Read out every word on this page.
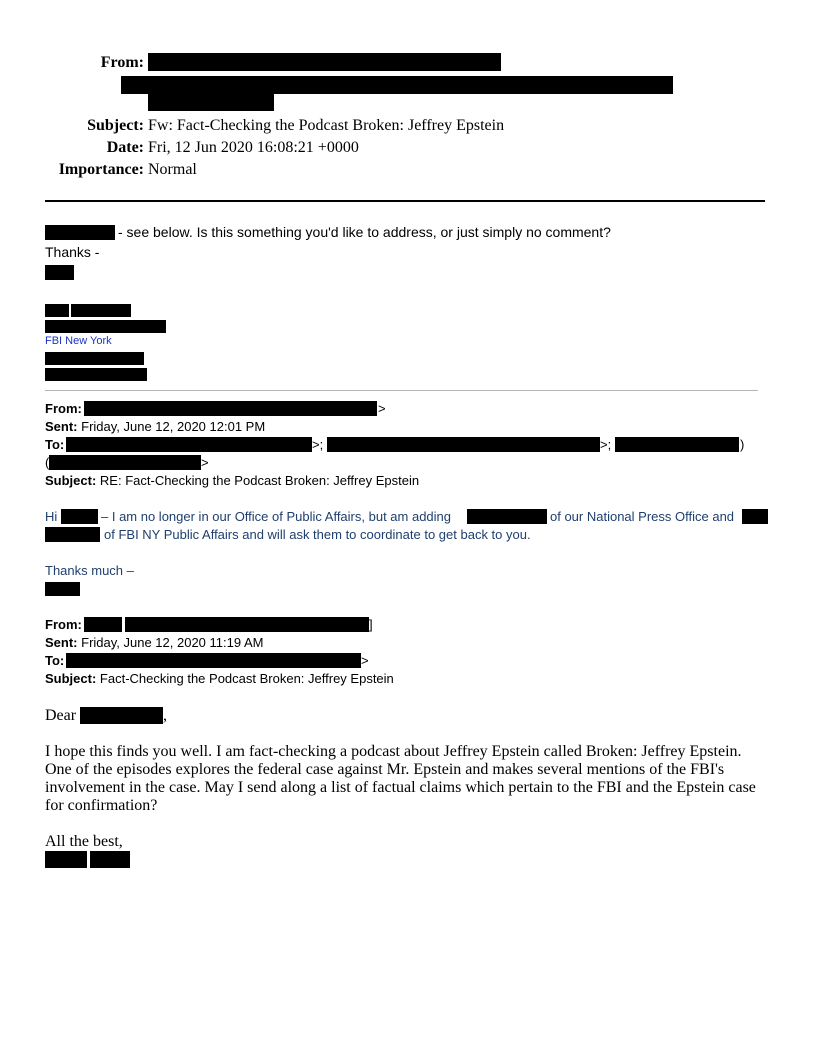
From:
Subject: Fw: Fact-Checking the Podcast Broken: Jeffrey Epstein
Date: Fri, 12 Jun 2020 16:08:21 +0000
Importance: Normal
- see below. Is this something you'd like to address, or just simply no comment?
Thanks -
FBI New York
From:	>
Sent: Friday, June 12, 2020 12:01 PM
To:	>;	>;	)
(	>
Subject: RE: Fact-Checking the Podcast Broken: Jeffrey Epstein
Hi	– I am no longer in our Office of Public Affairs, but am adding	of our National Press Office and
of FBI NY Public Affairs and will ask them to coordinate to get back to you.
Thanks much –
From:	]
Sent: Friday, June 12, 2020 11:19 AM
To:	>
Subject: Fact-Checking the Podcast Broken: Jeffrey Epstein
Dear	,
I hope this finds you well. I am fact-checking a podcast about Jeffrey Epstein called Broken: Jeffrey Epstein. One of the episodes explores the federal case against Mr. Epstein and makes several mentions of the FBI's involvement in the case. May I send along a list of factual claims which pertain to the FBI and the Epstein case for confirmation?
All the best,
